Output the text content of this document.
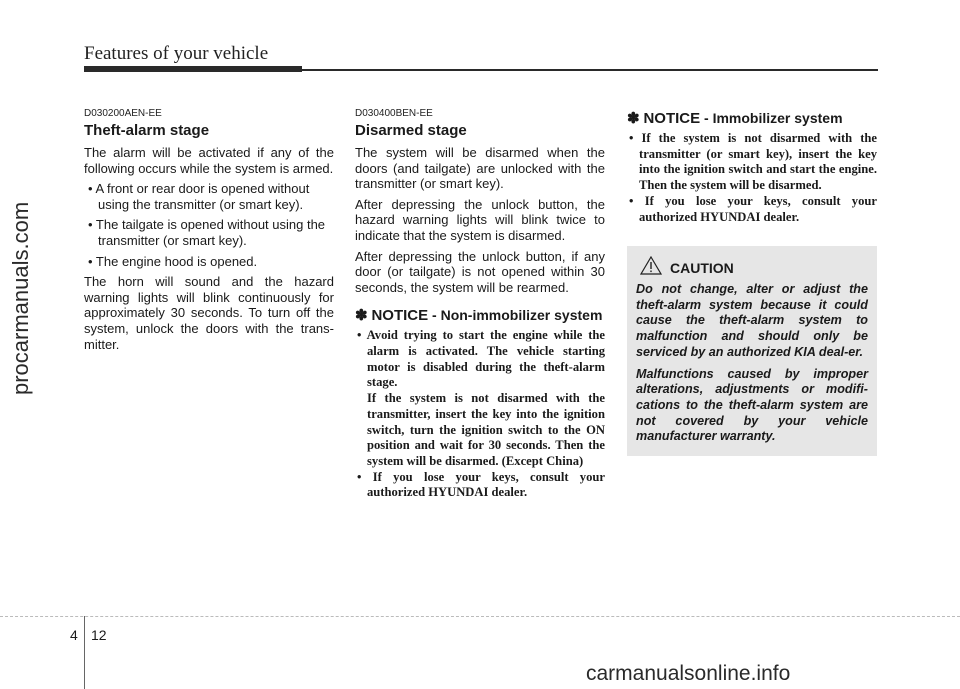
Features of your vehicle
procarmanuals.com
D030200AEN-EE
Theft-alarm stage

The alarm will be activated if any of the following occurs while the system is armed.

• A front or rear door is opened without using the transmitter (or smart key).
• The tailgate is opened without using the transmitter (or smart key).
• The engine hood is opened.

The horn will sound and the hazard warning lights will blink continuously for approximately 30 seconds. To turn off the system, unlock the doors with the trans-mitter.

D030400BEN-EE
Disarmed stage

The system will be disarmed when the doors (and tailgate) are unlocked with the transmitter (or smart key).

After depressing the unlock button, the hazard warning lights will blink twice to indicate that the system is disarmed.

After depressing the unlock button, if any door (or tailgate) is not opened within 30 seconds, the system will be rearmed.

✽ NOTICE - Non-immobilizer system
• Avoid trying to start the engine while the alarm is activated. The vehicle starting motor is disabled during the theft-alarm stage.
If the system is not disarmed with the transmitter, insert the key into the ignition switch, turn the ignition switch to the ON position and wait for 30 seconds. Then the system will be disarmed. (Except China)
• If you lose your keys, consult your authorized HYUNDAI dealer.
✽ NOTICE - Immobilizer system
• If the system is not disarmed with the transmitter (or smart key), insert the key into the ignition switch and start the engine. Then the system will be disarmed.
• If you lose your keys, consult your authorized HYUNDAI dealer.
CAUTION

Do not change, alter or adjust the theft-alarm system because it could cause the theft-alarm system to malfunction and should only be serviced by an authorized KIA deal-er.

Malfunctions caused by improper alterations, adjustments or modifi-cations to the theft-alarm system are not covered by your vehicle manufacturer warranty.

4 12
carmanualsonline.info
